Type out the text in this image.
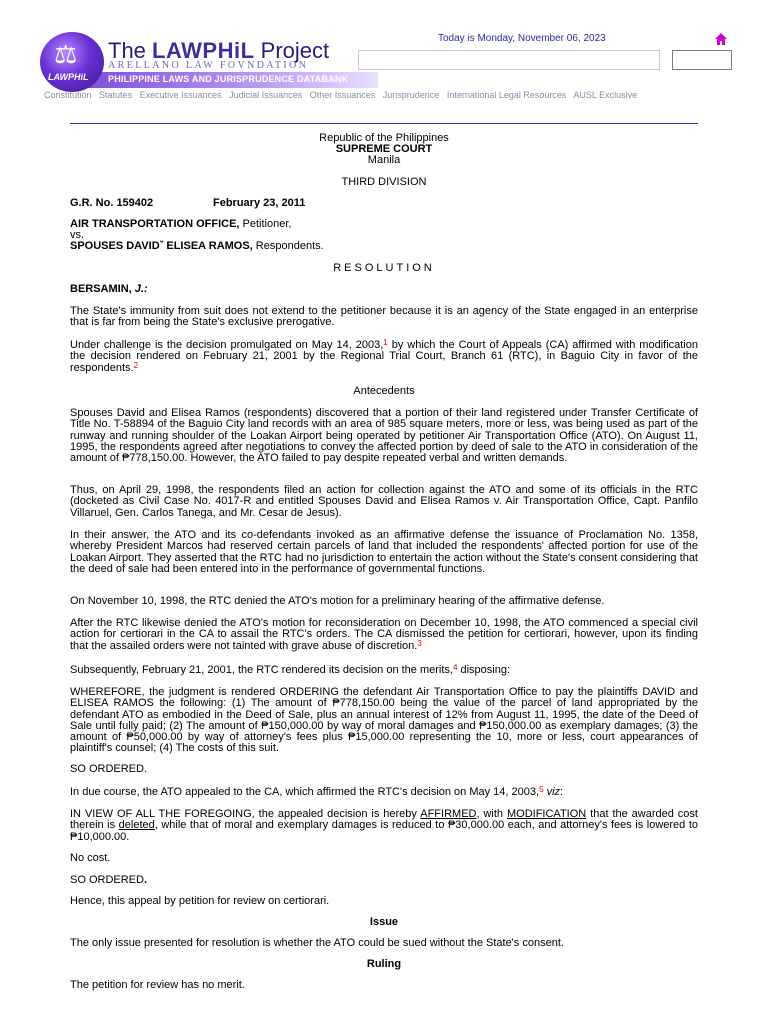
PHILIPPINE LAWS AND JURISPRUDENCE DATABANK
⚖
LAWPHiL
The LAWPHiL Project
ARELLANO LAW FOVNDATION
Today is Monday, November 06, 2023
Constitution Statutes Executive Issuances Judicial Issuances Other Issuances Jurisprudence International Legal Resources AUSL Exclusive
Republic of the Philippines
SUPREME COURT
Manila
THIRD DIVISION
G.R. No. 159402	February 23, 2011
AIR TRANSPORTATION OFFICE, Petitioner,
vs.
SPOUSES DAVIDˇ ELISEA RAMOS, Respondents.
RESOLUTION
BERSAMIN, J.:
The State's immunity from suit does not extend to the petitioner because it is an agency of the State engaged in an enterprise that is far from being the State's exclusive prerogative.
Under challenge is the decision promulgated on May 14, 2003,$^1$ by which the Court of Appeals (CA) affirmed with modification the decision rendered on February 21, 2001 by the Regional Trial Court, Branch 61 (RTC), in Baguio City in favor of the respondents.$^2$
Antecedents
Spouses David and Elisea Ramos (respondents) discovered that a portion of their land registered under Transfer Certificate of Title No. T-58894 of the Baguio City land records with an area of 985 square meters, more or less, was being used as part of the runway and running shoulder of the Loakan Airport being operated by petitioner Air Transportation Office (ATO). On August 11, 1995, the respondents agreed after negotiations to convey the affected portion by deed of sale to the ATO in consideration of the amount of ₱778,150.00. However, the ATO failed to pay despite repeated verbal and written demands.
Thus, on April 29, 1998, the respondents filed an action for collection against the ATO and some of its officials in the RTC (docketed as Civil Case No. 4017-R and entitled Spouses David and Elisea Ramos v. Air Transportation Office, Capt. Panfilo Villaruel, Gen. Carlos Tanega, and Mr. Cesar de Jesus).
In their answer, the ATO and its co-defendants invoked as an affirmative defense the issuance of Proclamation No. 1358, whereby President Marcos had reserved certain parcels of land that included the respondents' affected portion for use of the Loakan Airport. They asserted that the RTC had no jurisdiction to entertain the action without the State's consent considering that the deed of sale had been entered into in the performance of governmental functions.
On November 10, 1998, the RTC denied the ATO's motion for a preliminary hearing of the affirmative defense.
After the RTC likewise denied the ATO's motion for reconsideration on December 10, 1998, the ATO commenced a special civil action for certiorari in the CA to assail the RTC's orders. The CA dismissed the petition for certiorari, however, upon its finding that the assailed orders were not tainted with grave abuse of discretion.$^3$
Subsequently, February 21, 2001, the RTC rendered its decision on the merits,$^4$ disposing:
WHEREFORE, the judgment is rendered ORDERING the defendant Air Transportation Office to pay the plaintiffs DAVID and ELISEA RAMOS the following: (1) The amount of ₱778,150.00 being the value of the parcel of land appropriated by the defendant ATO as embodied in the Deed of Sale, plus an annual interest of 12% from August 11, 1995, the date of the Deed of Sale until fully paid; (2) The amount of ₱150,000.00 by way of moral damages and ₱150,000.00 as exemplary damages; (3) the amount of ₱50,000.00 by way of attorney's fees plus ₱15,000.00 representing the 10, more or less, court appearances of plaintiff's counsel; (4) The costs of this suit.
SO ORDERED.
In due course, the ATO appealed to the CA, which affirmed the RTC's decision on May 14, 2003,$^5$ viz:
IN VIEW OF ALL THE FOREGOING, the appealed decision is hereby AFFIRMED, with MODIFICATION that the awarded cost therein is deleted, while that of moral and exemplary damages is reduced to ₱30,000.00 each, and attorney's fees is lowered to ₱10,000.00.
No cost.
SO ORDERED.
Hence, this appeal by petition for review on certiorari.
Issue
The only issue presented for resolution is whether the ATO could be sued without the State's consent.
Ruling
The petition for review has no merit.
